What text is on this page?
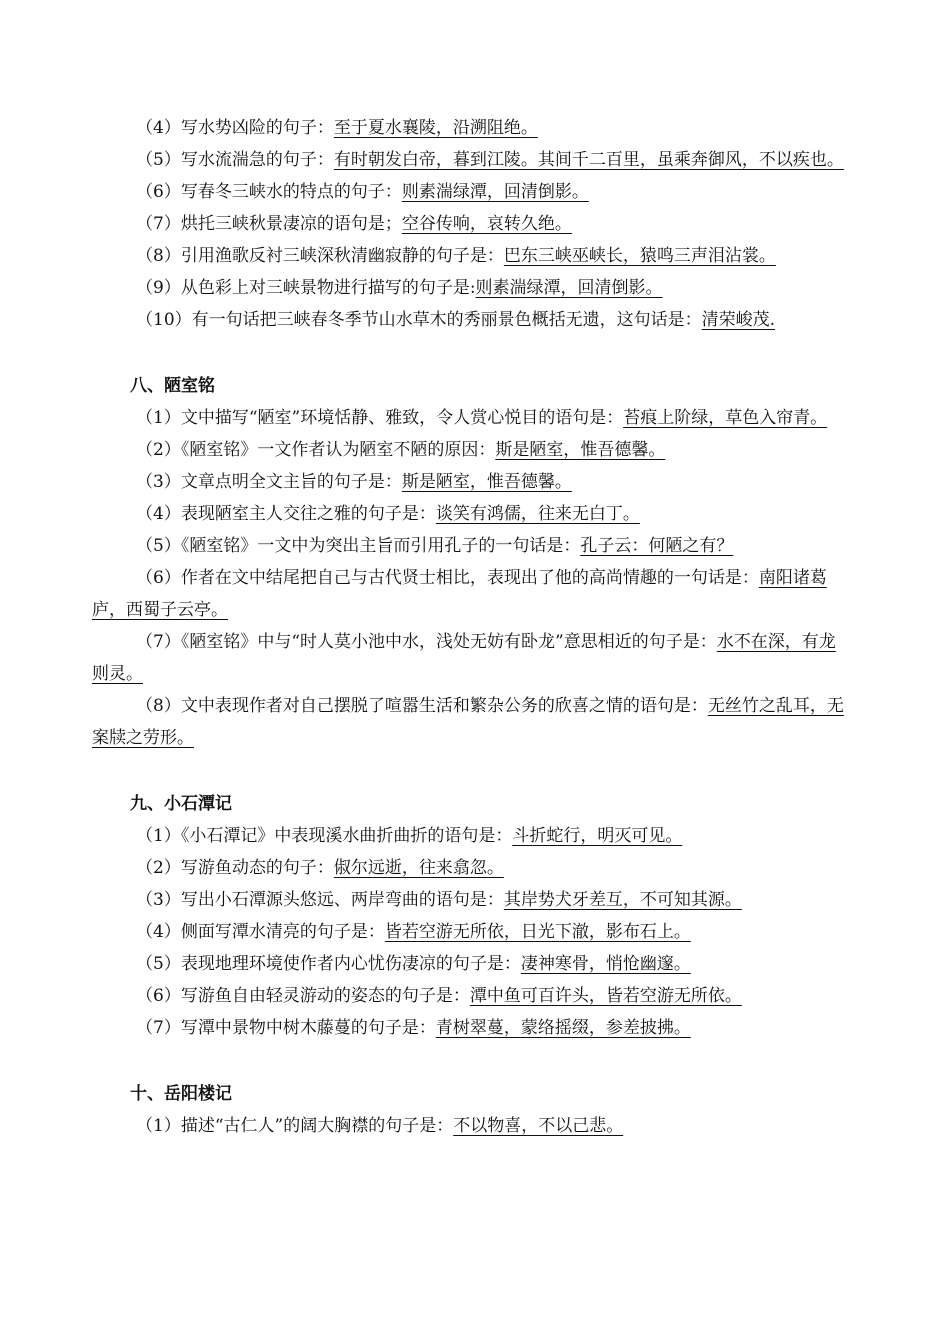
（4）写水势凶险的句子：至于夏水襄陵，沿溯阻绝。

（5）写水流湍急的句子：有时朝发白帝，暮到江陵。其间千二百里，虽乘奔御风，不以疾也。

（6）写春冬三峡水的特点的句子：则素湍绿潭，回清倒影。

（7）烘托三峡秋景凄凉的语句是；空谷传响，哀转久绝。

（8）引用渔歌反衬三峡深秋清幽寂静的句子是：巴东三峡巫峡长，猿鸣三声泪沾裳。

（9）从色彩上对三峡景物进行描写的句子是:则素湍绿潭，回清倒影。

（10）有一句话把三峡春冬季节山水草木的秀丽景色概括无遗，这句话是：清荣峻茂.

八、陋室铭

（1）文中描写“陋室”环境恬静、雅致，令人赏心悦目的语句是：苔痕上阶绿，草色入帘青。

（2）《陋室铭》一文作者认为陋室不陋的原因：斯是陋室，惟吾德馨。

（3）文章点明全文主旨的句子是：斯是陋室，惟吾德馨。

（4）表现陋室主人交往之雅的句子是：谈笑有鸿儒，往来无白丁。

（5）《陋室铭》一文中为突出主旨而引用孔子的一句话是：孔子云：何陋之有？

（6）作者在文中结尾把自己与古代贤士相比，表现出了他的高尚情趣的一句话是：南阳诸葛庐，西蜀子云亭。

（7）《陋室铭》中与“时人莫小池中水，浅处无妨有卧龙”意思相近的句子是：水不在深，有龙则灵。

（8）文中表现作者对自己摆脱了喧嚣生活和繁杂公务的欣喜之情的语句是：无丝竹之乱耳，无案牍之劳形。

九、小石潭记

（1）《小石潭记》中表现溪水曲折曲折的语句是：斗折蛇行，明灭可见。

（2）写游鱼动态的句子：俶尔远逝，往来翕忽。

（3）写出小石潭源头悠远、两岸弯曲的语句是：其岸势犬牙差互，不可知其源。

（4）侧面写潭水清亮的句子是：皆若空游无所依，日光下澈，影布石上。

（5）表现地理环境使作者内心忧伤凄凉的句子是：凄神寒骨，悄怆幽邃。

（6）写游鱼自由轻灵游动的姿态的句子是：潭中鱼可百许头，皆若空游无所依。

（7）写潭中景物中树木藤蔓的句子是：青树翠蔓，蒙络摇缀，参差披拂。

十、岳阳楼记

（1）描述“古仁人”的阔大胸襟的句子是：不以物喜，不以己悲。
